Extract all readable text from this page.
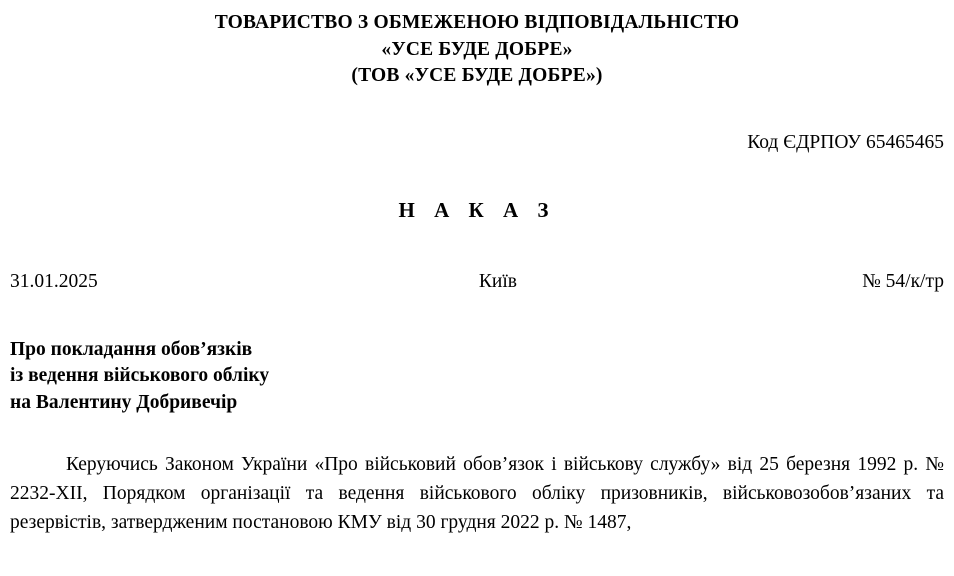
ТОВАРИСТВО З ОБМЕЖЕНОЮ ВІДПОВІДАЛЬНІСТЮ
«УСЕ БУДЕ ДОБРЕ»
(ТОВ «УСЕ БУДЕ ДОБРЕ»)
Код ЄДРПОУ 65465465
Н А К А З
31.01.2025	Київ	№ 54/к/тр
Про покладання обов’язків
із ведення військового обліку
на Валентину Добривечір
Керуючись Законом України «Про військовий обов’язок і військову службу» від 25 березня 1992 р. № 2232-XII, Порядком організації та ведення військового обліку призовників, військовозобов’язаних та резервістів, затвердженим постановою КМУ від 30 грудня 2022 р. № 1487,
